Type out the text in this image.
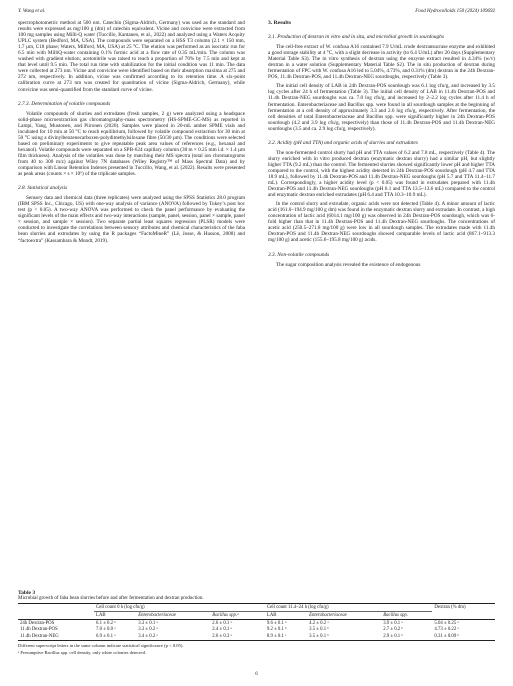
Y. Wang et al.	Food Hydrocolloids 150 (2024) 109692

spectrophotometric method at 500 nm. Catechin (Sigma-Aldrich, Germany) was used as the standard and results were expressed as mg/100 g (dm) of catechin equivalent. Vicine and convicine were extracted from 100 mg samples using Milli-Q water (Tuccillo, Kantanen, et al., 2022) and analyzed using a Waters Acquity UPLC system (Bedford, MA, USA). The compounds were separated on a HSS T3 column (2.1 × 150 mm, 1.7 µm, C18 phase; Waters, Milford, MA, USA) at 25 °C. The elution was performed as an isocratic run for 6.5 min with MilliQ-water containing 0.1% formic acid at a flow rate of 0.35 mL/min. The column was washed with gradient elution; acetonitrile was raised to reach a proportion of 70% by 7.5 min and kept at that level until 9.5 min. The total run time with stabilization for the initial condition was 11 min. The data were collected at 273 nm. Vicine and convicine were identified based on their absorption maxima at 275 and 272 nm, respectively. In addition, vicine was confirmed according to its retention time. A six-point calibration curve at 273 nm was created for quantitation of vicine (Sigma-Aldrich, Germany), while convicine was semi-quantified from the standard curve of vicine.

2.7.3. Determination of volatile compounds

Volatile compounds of slurries and extrudates (fresh samples, 2 g) were analyzed using a headspace solid-phase microextraction gas chromatography-mass spectrometry (HS-SPME-GC-MS) as reported in Lampi, Yang, Mustonen, and Piironen (2020). Samples were placed in 20-mL amber SPME vials and incubated for 10 min at 50 °C to reach equilibrium, followed by volatile compound extraction for 30 min at 50 °C using a divinylbenzenecarboxen-polydimethylsiloxane fibre (50/30 µm). The conditions were selected based on preliminary experiments to give repeatable peak area values of references (e.g., hexanal and hexanol). Volatile compounds were separated on a SPB-624 capillary column (30 m × 0.25 mm i.d. × 1.4 µm film thickness). Analysis of the volatiles was done by matching their MS spectra (total ion chromatograms from 40 to 300 m/z) against Wiley 7N databases (Wiley Registry™ of Mass Spectral Data) and by comparison with Linear Retention Indexes presented in Tuccillo, Wang, et al. (2022). Results were presented as peak areas (counts × s × 10⁵) of the triplicate samples.

2.8. Statistical analysis

Sensory data and chemical data (three replicates) were analyzed using the SPSS Statistics 28.0 program (IBM SPSS Inc., Chicago, US) with one-way analysis of variance (ANOVA) followed by Tukey’s post hoc test (p < 0.05). A two-way ANOVA was performed to check the panel performance by evaluating the significant levels of the main effects and two-way interactions (sample, panel, session, panel × sample, panel × session, and sample × session). Two separate partial least squares regression (PLSR) models were conducted to investigate the correlations between sensory attributes and chemical characteristics of the faba bean slurries and extrudates by using the R packages “FactoMineR” (Lê, Josse, & Husson, 2008) and “factoextra” (Kassambara & Mundt, 2019).

3. Results
3.1. Production of dextran in vitro and in situ, and microbial growth in sourdoughs

The cell-free extract of W. confusa A16 contained 7.9 U/mL crude dextransucrase enzyme and exhibited a good storage stability at 4 °C, with a slight decrease in activity (to 6.4 U/mL) after 20 days (Supplementary Material Table S3). The in vitro synthesis of dextran using the enzyme extract resulted in 4.34% (w/v) dextran in a water solution (Supplementary Material Table S2). The in situ production of dextran during fermentation of FPC with W. confusa A16 led to 5.04%, 4.73%, and 0.31% (dm) dextran in the 24h Dextran-POS, 11.4h Dextran-POS, and 11.4h Dextran-NEG sourdoughs, respectively (Table 3).

The initial cell density of LAB in 24h Dextran-POS sourdough was 6.1 log cfu/g, and increased by 3.5 log cycles after 24 h of fermentation (Table 3). The initial cell density of LAB in 11.4h Dextran-POS and 11.4h Dextran-NEG sourdoughs was ca. 7.0 log cfu/g, and increased by 2–2.2 log cycles after 11.4 h of fermentation. Enterobacteriaceae and Bacillus spp. were found in all sourdough samples at the beginning of fermentation at a cell density of approximately 3.3 and 2.6 log cfu/g, respectively. After fermentation, the cell densities of total Enterobacteriaceae and Bacillus spp. were significantly higher in 24h Dextran-POS sourdough (4.2 and 3.9 log cfu/g, respectively) than those of 11.4h Dextran-POS and 11.4h Dextran-NEG sourdoughs (3.5 and ca. 2.9 log cfu/g, respectively).

3.2. Acidity (pH and TTA) and organic acids of slurries and extrudates

The non-fermented control slurry had pH and TTA values of 6.2 and 7.8 mL, respectively (Table 4). The slurry enriched with in vitro produced dextran (enzymatic dextran slurry) had a similar pH, but slightly higher TTA (9.2 mL) than the control. The fermented slurries showed significantly lower pH and higher TTA compared to the control, with the highest acidity detected in 24h Dextran-POS sourdough (pH 4.7 and TTA 18.9 mL), followed by 11.4h Dextran-POS and 11.4h Dextran-NEG sourdoughs (pH 5.7 and TTA 11.4–11.7 mL). Correspondingly, a higher acidity level (p < 0.05) was found in extrudates prepared with 11.4h Dextran-POS and 11.4h Dextran-NEG sourdoughs (pH 6.1 and TTA 13.5–13.6 mL) compared to the control and enzymatic dextran enriched extrudates (pH 6.4 and TTA 10.3–10.9 mL).

In the control slurry and extrudate, organic acids were not detected (Table 4). A minor amount of lactic acid (161.0–194.9 mg/100 g dm) was found in the enzymatic dextran slurry and extrudate. In contrast, a high concentration of lactic acid (6014.1 mg/100 g) was observed in 24h Dextran-POS sourdough, which was 6-fold higher than that in 11.4h Dextran-POS and 11.4h Dextran-NEG sourdoughs. The concentrations of acetic acid (250.5–271.8 mg/100 g) were low in all sourdough samples. The extrudates made with 11.4h Dextran-POS and 11.4h Dextran-NEG sourdoughs showed comparable levels of lactic acid (867.1–913.3 mg/100 g) and acetic (155.6–195.8 mg/100 g) acids.

3.3. Non-volatile compounds

The sugar composition analysis revealed the existence of endogenous

Table 3
Microbial growth of faba bean slurries before and after fermentation and dextran production.
	Cell count 0 h (log cfu/g)			Cell count 11.4–24 h (log cfu/g)			Dextran (% dm)
	LAB	Enterobacteriaceae	Bacillus spp.ᵃ	LAB	Enterobacteriaceae	Bacillus spp.	
24h Dextran-POS	6.1 ± 0.2 ᵇ	3.3 ± 0.1 ᵃ	2.6 ± 0.1 ᵃ	9.6 ± 0.1 ᵃ	4.2 ± 0.2 ᵃ	3.9 ± 0.1 ᵃ	5.04 ± 0.25 ᵃ
11.4h Dextran-POS	7.0 ± 0.0 ᵃ	3.3 ± 0.2 ᵃ	2.4 ± 0.1 ᵃ	9.2 ± 0.1 ᵇ	3.5 ± 0.1 ᵇ	2.7 ± 0.2 ᵇ	4.73 ± 0.22 ᵃ
11.4h Dextran-NEG	6.9 ± 0.1 ᵃ	3.4 ± 0.2 ᵃ	2.6 ± 0.3 ᵃ	8.9 ± 0.1 ᶜ	3.5 ± 0.1 ᵇ	2.9 ± 0.1 ᵇ	0.31 ± 0.09 ᵇ
Different superscript letters in the same column indicate statistical significance (p < 0.05).
ᵃ Presumptive Bacillus spp. cell density, only white colonies detected.
6
